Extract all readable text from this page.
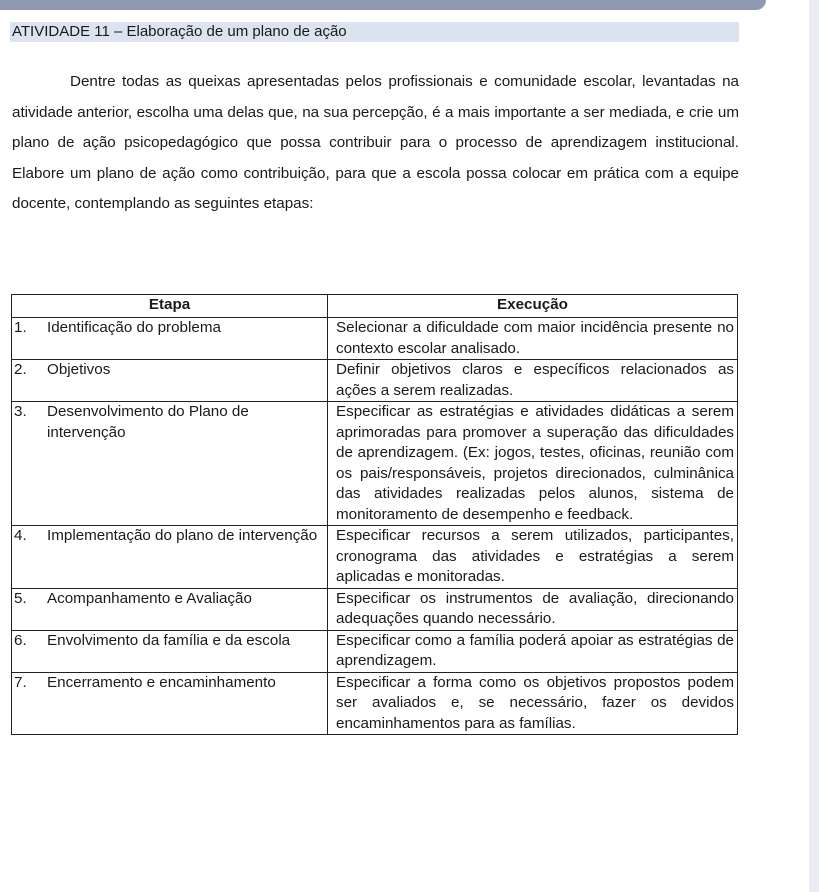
ATIVIDADE 11 – Elaboração de um plano de ação

Dentre todas as queixas apresentadas pelos profissionais e comunidade escolar, levantadas na atividade anterior, escolha uma delas que, na sua percepção, é a mais importante a ser mediada, e crie um plano de ação psicopedagógico que possa contribuir para o processo de aprendizagem institucional. Elabore um plano de ação como contribuição, para que a escola possa colocar em prática com a equipe docente, contemplando as seguintes etapas:

Etapa	Execução

1. Identificação do problema	Selecionar a dificuldade com maior incidência presente no contexto escolar analisado.

2. Objetivos	Definir objetivos claros e específicos relacionados as ações a serem realizadas.

3. Desenvolvimento do Plano de intervenção	Especificar as estratégias e atividades didáticas a serem aprimoradas para promover a superação das dificuldades de aprendizagem. (Ex: jogos, testes, oficinas, reunião com os pais/responsáveis, projetos direcionados, culminânica das atividades realizadas pelos alunos, sistema de monitoramento de desempenho e feedback.

4. Implementação do plano de intervenção	Especificar recursos a serem utilizados, participantes, cronograma das atividades e estratégias a serem aplicadas e monitoradas.

5. Acompanhamento e Avaliação	Especificar os instrumentos de avaliação, direcionando adequações quando necessário.

6. Envolvimento da família e da escola	Especificar como a família poderá apoiar as estratégias de aprendizagem.

7. Encerramento e encaminhamento	Especificar a forma como os objetivos propostos podem ser avaliados e, se necessário, fazer os devidos encaminhamentos para as famílias.
